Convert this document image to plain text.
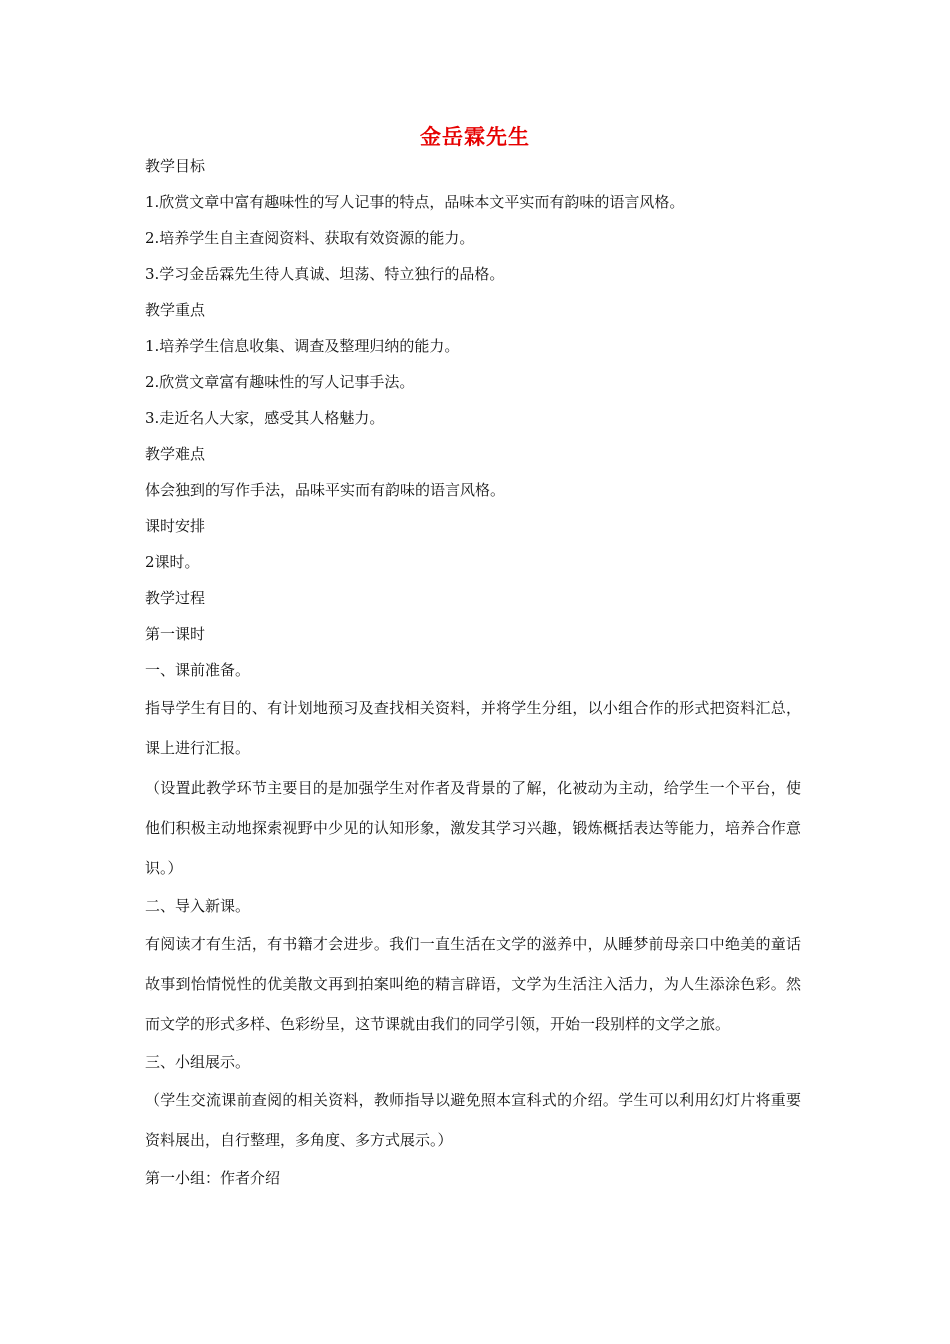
金岳霖先生
教学目标
1.欣赏文章中富有趣味性的写人记事的特点，品味本文平实而有韵味的语言风格。
2.培养学生自主查阅资料、获取有效资源的能力。
3.学习金岳霖先生待人真诚、坦荡、特立独行的品格。
教学重点
1.培养学生信息收集、调查及整理归纳的能力。
2.欣赏文章富有趣味性的写人记事手法。
3.走近名人大家，感受其人格魅力。
教学难点
体会独到的写作手法，品味平实而有韵味的语言风格。
课时安排
2课时。
教学过程
第一课时
一、课前准备。
指导学生有目的、有计划地预习及查找相关资料，并将学生分组，以小组合作的形式把资料汇总，课上进行汇报。
（设置此教学环节主要目的是加强学生对作者及背景的了解，化被动为主动，给学生一个平台，使他们积极主动地探索视野中少见的认知形象，激发其学习兴趣，锻炼概括表达等能力，培养合作意识。）
二、导入新课。
有阅读才有生活，有书籍才会进步。我们一直生活在文学的滋养中，从睡梦前母亲口中绝美的童话故事到怡情悦性的优美散文再到拍案叫绝的精言辟语，文学为生活注入活力，为人生添涂色彩。然而文学的形式多样、色彩纷呈，这节课就由我们的同学引领，开始一段别样的文学之旅。
三、小组展示。
（学生交流课前查阅的相关资料，教师指导以避免照本宣科式的介绍。学生可以利用幻灯片将重要资料展出，自行整理，多角度、多方式展示。）
第一小组：作者介绍
